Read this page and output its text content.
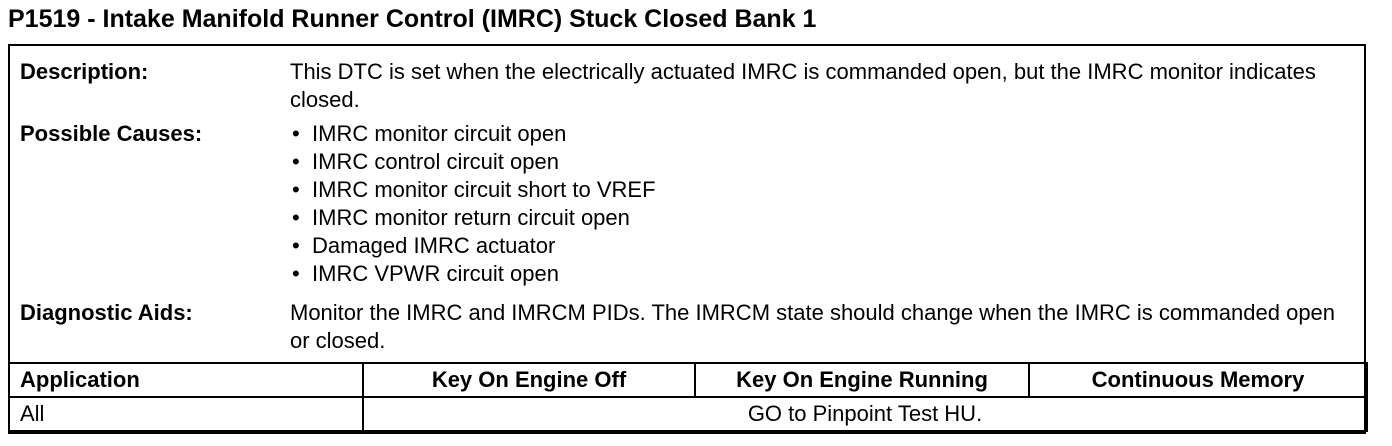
P1519 - Intake Manifold Runner Control (IMRC) Stuck Closed Bank 1
Description:	This DTC is set when the electrically actuated IMRC is commanded open, but the IMRC monitor indicates closed.
Possible Causes:	• IMRC monitor circuit open
• IMRC control circuit open
• IMRC monitor circuit short to VREF
• IMRC monitor return circuit open
• Damaged IMRC actuator
• IMRC VPWR circuit open
Diagnostic Aids:	Monitor the IMRC and IMRCM PIDs. The IMRCM state should change when the IMRC is commanded open or closed.
Application	Key On Engine Off	Key On Engine Running	Continuous Memory
All	GO to Pinpoint Test HU.		
